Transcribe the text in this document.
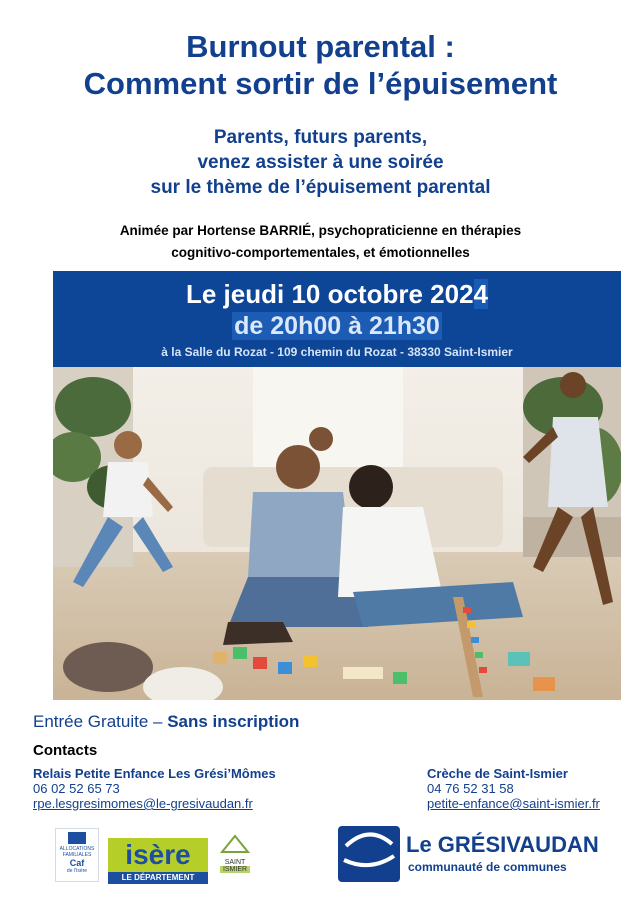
Burnout parental :
Comment sortir de l’épuisement
Parents, futurs parents,
venez assister à une soirée
sur le thème de l’épuisement parental
Animée par Hortense BARRIÉ, psychopraticienne en thérapies
cognitivo-comportementales, et émotionnelles
Le jeudi 10 octobre 2024
de 20h00 à 21h30
à la Salle du Rozat - 109 chemin du Rozat - 38330 Saint-Ismier
Entrée Gratuite – Sans inscription
Contacts
Relais Petite Enfance Les Grési’Mômes
06 02 52 65 73
rpe.lesgresimomes@le-gresivaudan.fr
Crèche de Saint-Ismier
04 76 52 31 58
petite-enfance@saint-ismier.fr
ALLOCATIONS
FAMILIALES
Caf
de l'Isère
isère
LE DÉPARTEMENT
SAINT
ISMIER
Le GRÉSIVAUDAN
communauté de communes
